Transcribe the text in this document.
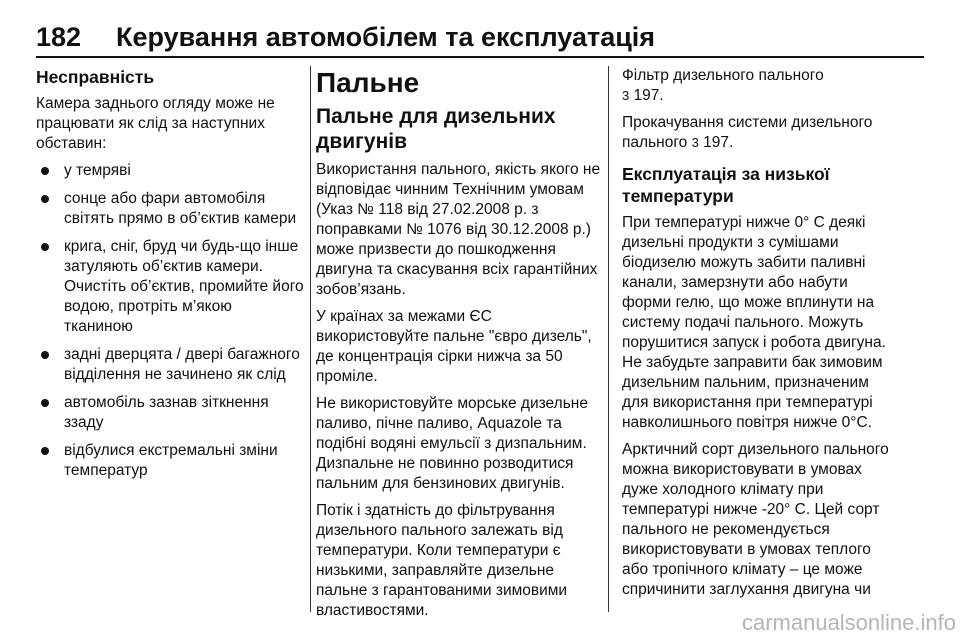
182 Керування автомобілем та експлуатація
Несправність

Камера заднього огляду може не працювати як слід за наступних обставин:

у темряві
сонце або фари автомобіля світять прямо в об’єктив камери
крига, сніг, бруд чи будь-що інше затуляють об’єктив камери. Очистіть об’єктив, промийте його водою, протріть м’якою тканиною
задні дверцята / двері багажного відділення не зачинено як слід
автомобіль зазнав зіткнення ззаду
відбулися екстремальні зміни температур
Пальне
Пальне для дизельних двигунів

Використання пального, якість якого не відповідає чинним Технічним умовам (Указ № 118 від 27.02.2008 р. з поправками № 1076 від 30.12.2008 р.) може призвести до пошкодження двигуна та скасування всіх гарантійних зобов’язань.

У країнах за межами ЄС використовуйте пальне "євро дизель", де концентрація сірки нижча за 50 проміле.

Не використовуйте морське дизельне паливо, пічне паливо, Aquazole та подібні водяні емульсії з дизпальним. Дизпальне не повинно розводитися пальним для бензинових двигунів.

Потік і здатність до фільтрування дизельного пального залежать від температури. Коли температури є низькими, заправляйте дизельне пальне з гарантованими зимовими властивостями.

Фільтр дизельного пального
3 197.

Прокачування системи дизельного пального 3 197.

Експлуатація за низької температури

При температурі нижче 0° C деякі дизельні продукти з сумішами біодизелю можуть забити паливні канали, замерзнути або набути форми гелю, що може вплинути на систему подачі пального. Можуть порушитися запуск і робота двигуна. Не забудьте заправити бак зимовим дизельним пальним, призначеним для використання при температурі навколишнього повітря нижче 0°C.

Арктичний сорт дизельного пального можна використовувати в умовах дуже холодного клімату при температурі нижче -20° C. Цей сорт пального не рекомендується використовувати в умовах теплого або тропічного клімату – це може спричинити заглухання двигуна чи

carmanualsonline.info
